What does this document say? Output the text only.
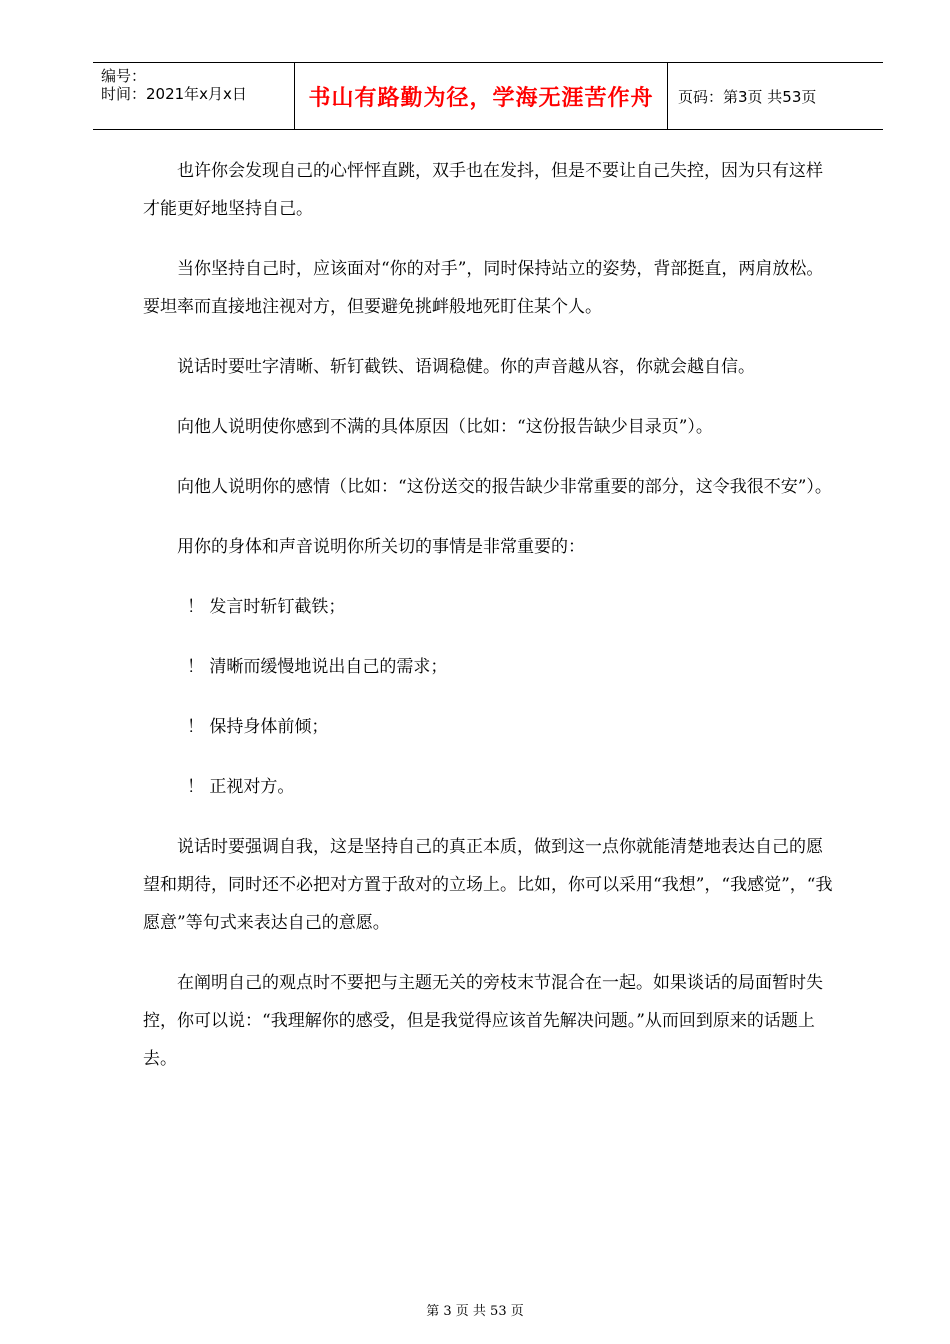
编号：
时间：2021年x月x日	书山有路勤为径，学海无涯苦作舟 页码：第3页 共53页

也许你会发现自己的心怦怦直跳，双手也在发抖，但是不要让自己失控，因为只有这样才能更好地坚持自己。

当你坚持自己时，应该面对“你的对手”，同时保持站立的姿势，背部挺直，两肩放松。要坦率而直接地注视对方，但要避免挑衅般地死盯住某个人。

说话时要吐字清晰、斩钉截铁、语调稳健。你的声音越从容，你就会越自信。

向他人说明使你感到不满的具体原因（比如：“这份报告缺少目录页”）。

向他人说明你的感情（比如：“这份送交的报告缺少非常重要的部分，这令我很不安”）。

用你的身体和声音说明你所关切的事情是非常重要的：

！ 发言时斩钉截铁；

！ 清晰而缓慢地说出自己的需求；

！ 保持身体前倾；

！ 正视对方。

说话时要强调自我，这是坚持自己的真正本质，做到这一点你就能清楚地表达自己的愿望和期待，同时还不必把对方置于敌对的立场上。比如，你可以采用“我想”，“我感觉”，“我愿意”等句式来表达自己的意愿。

在阐明自己的观点时不要把与主题无关的旁枝末节混合在一起。如果谈话的局面暂时失控，你可以说：“我理解你的感受，但是我觉得应该首先解决问题。”从而回到原来的话题上去。

第 3 页 共 53 页
